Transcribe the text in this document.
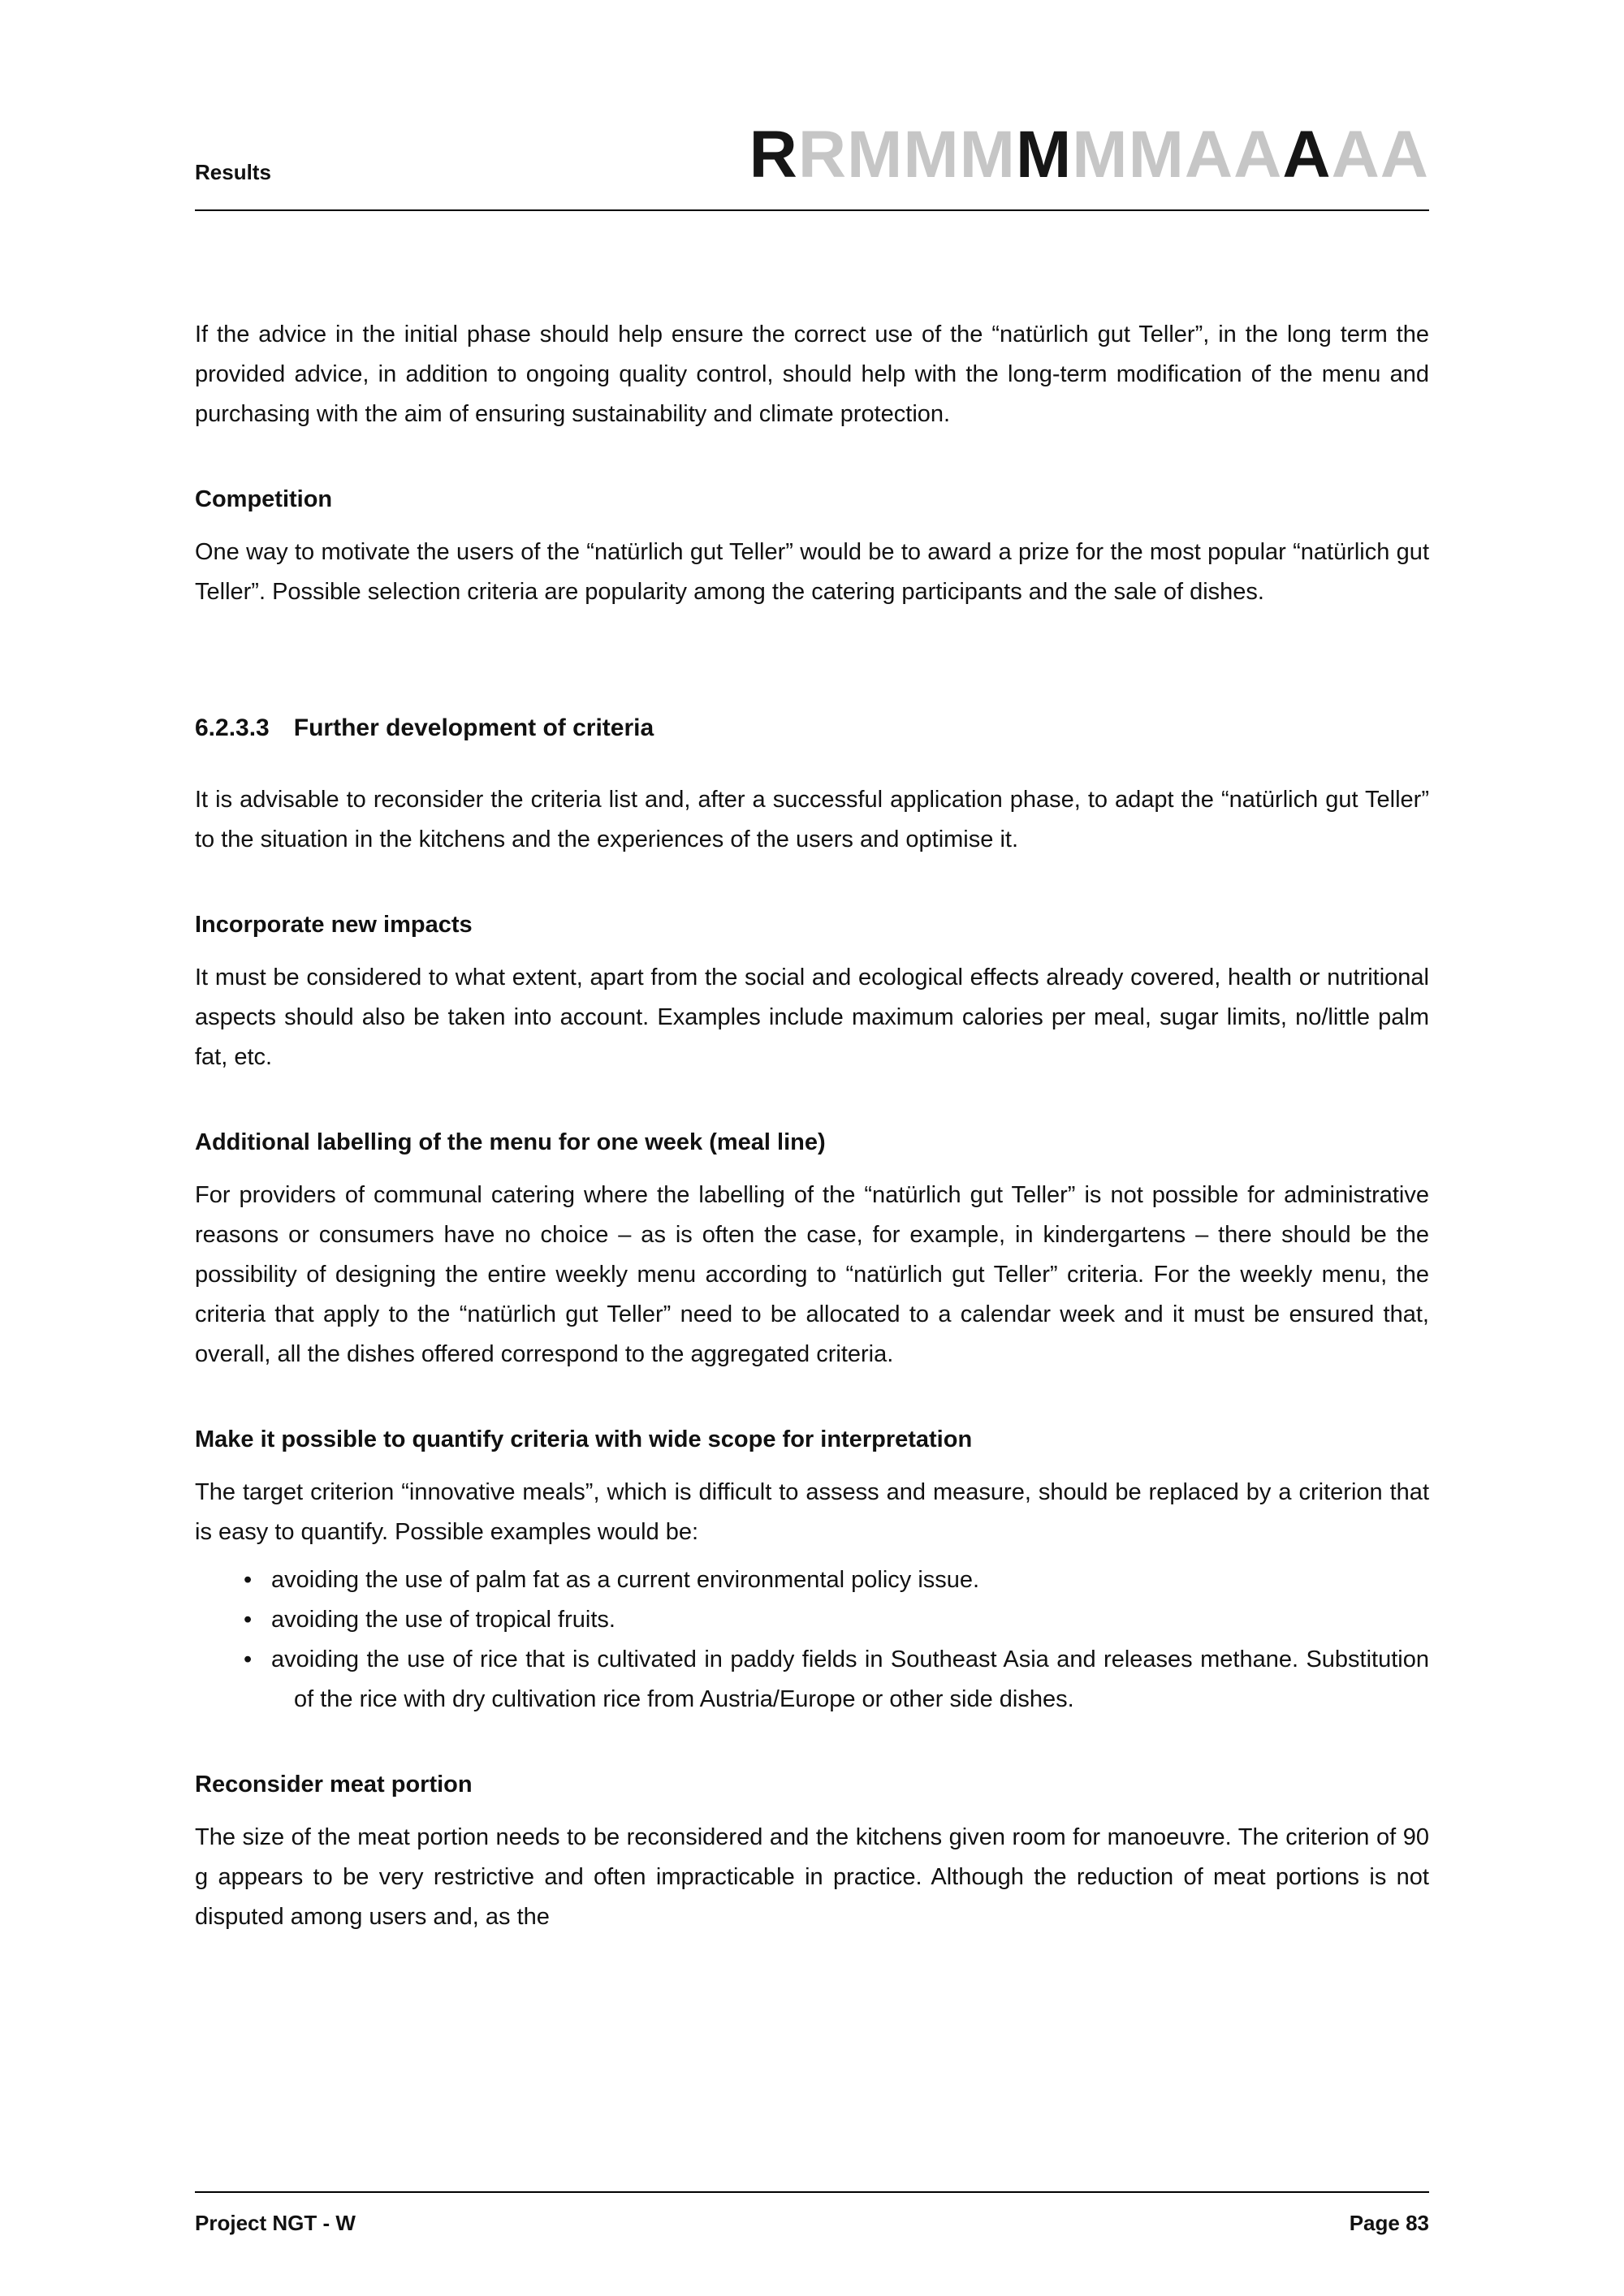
Results	R R M M M M M M A A A A A

If the advice in the initial phase should help ensure the correct use of the “natürlich gut Teller”, in the long term the provided advice, in addition to ongoing quality control, should help with the long-term modification of the menu and purchasing with the aim of ensuring sustainability and climate protection.

Competition

One way to motivate the users of the “natürlich gut Teller” would be to award a prize for the most popular “natürlich gut Teller”. Possible selection criteria are popularity among the catering participants and the sale of dishes.

6.2.3.3 Further development of criteria

It is advisable to reconsider the criteria list and, after a successful application phase, to adapt the “natürlich gut Teller” to the situation in the kitchens and the experiences of the users and optimise it.

Incorporate new impacts

It must be considered to what extent, apart from the social and ecological effects already covered, health or nutritional aspects should also be taken into account. Examples include maximum calories per meal, sugar limits, no/little palm fat, etc.

Additional labelling of the menu for one week (meal line)

For providers of communal catering where the labelling of the “natürlich gut Teller” is not possible for administrative reasons or consumers have no choice – as is often the case, for example, in kindergartens – there should be the possibility of designing the entire weekly menu according to “natürlich gut Teller” criteria. For the weekly menu, the criteria that apply to the “natürlich gut Teller” need to be allocated to a calendar week and it must be ensured that, overall, all the dishes offered correspond to the aggregated criteria.

Make it possible to quantify criteria with wide scope for interpretation

The target criterion “innovative meals”, which is difficult to assess and measure, should be replaced by a criterion that is easy to quantify. Possible examples would be:

• avoiding the use of palm fat as a current environmental policy issue.
• avoiding the use of tropical fruits.
• avoiding the use of rice that is cultivated in paddy fields in Southeast Asia and releases methane. Substitution of the rice with dry cultivation rice from Austria/Europe or other side dishes.
Reconsider meat portion

The size of the meat portion needs to be reconsidered and the kitchens given room for manoeuvre. The criterion of 90 g appears to be very restrictive and often impracticable in practice. Although the reduction of meat portions is not disputed among users and, as the

Project NGT - W	Page 83
